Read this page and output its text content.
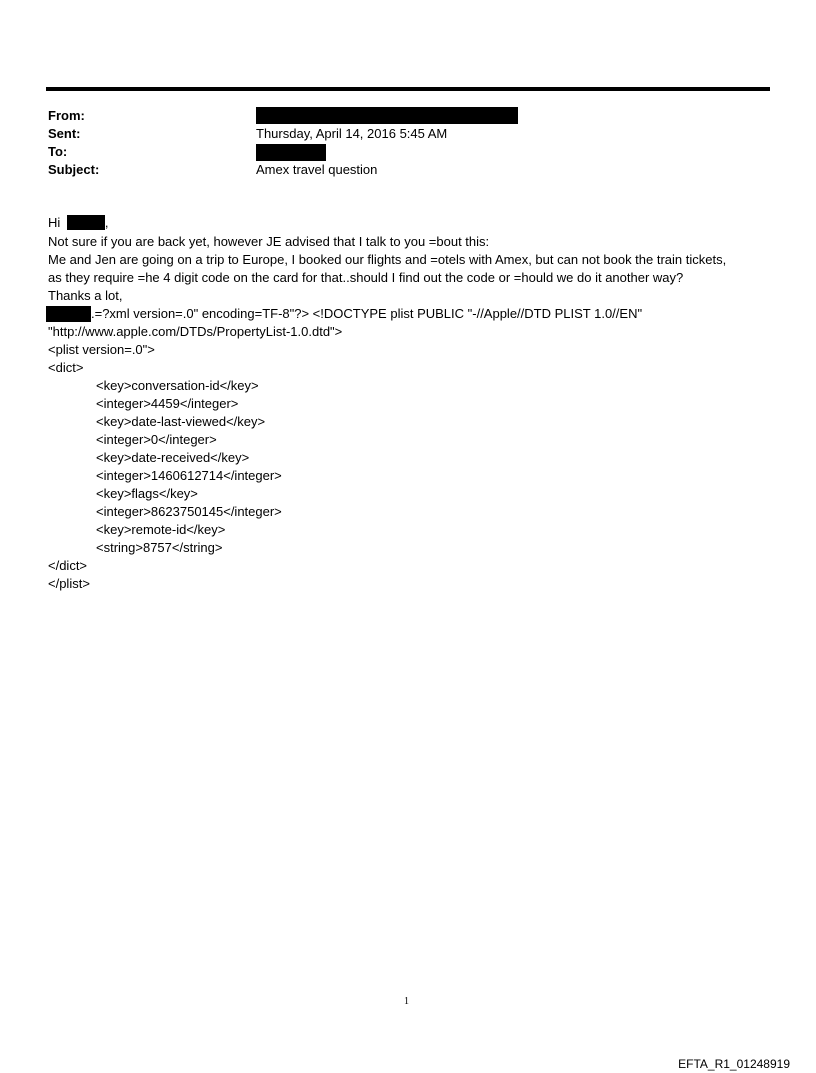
From:
Sent:	Thursday, April 14, 2016 5:45 AM
To:
Subject:	Amex travel question
Hi	,
Not sure if you are back yet, however JE advised that I talk to you =bout this:
Me and Jen are going on a trip to Europe, I booked our flights and =otels with Amex, but can not book the train tickets,
as they require =he 4 digit code on the card for that..should I find out the code or =hould we do it another way?
Thanks a lot,
.=?xml version=.0" encoding=TF-8"?> <!DOCTYPE plist PUBLIC "-//Apple//DTD PLIST 1.0//EN"
"http://www.apple.com/DTDs/PropertyList-1.0.dtd">
<plist version=.0">
<dict>
<key>conversation-id</key>
<integer>4459</integer>
<key>date-last-viewed</key>
<integer>0</integer>
<key>date-received</key>
<integer>1460612714</integer>
<key>flags</key>
<integer>8623750145</integer>
<key>remote-id</key>
<string>8757</string>
</dict>
</plist>
1
EFTA_R1_01248919
